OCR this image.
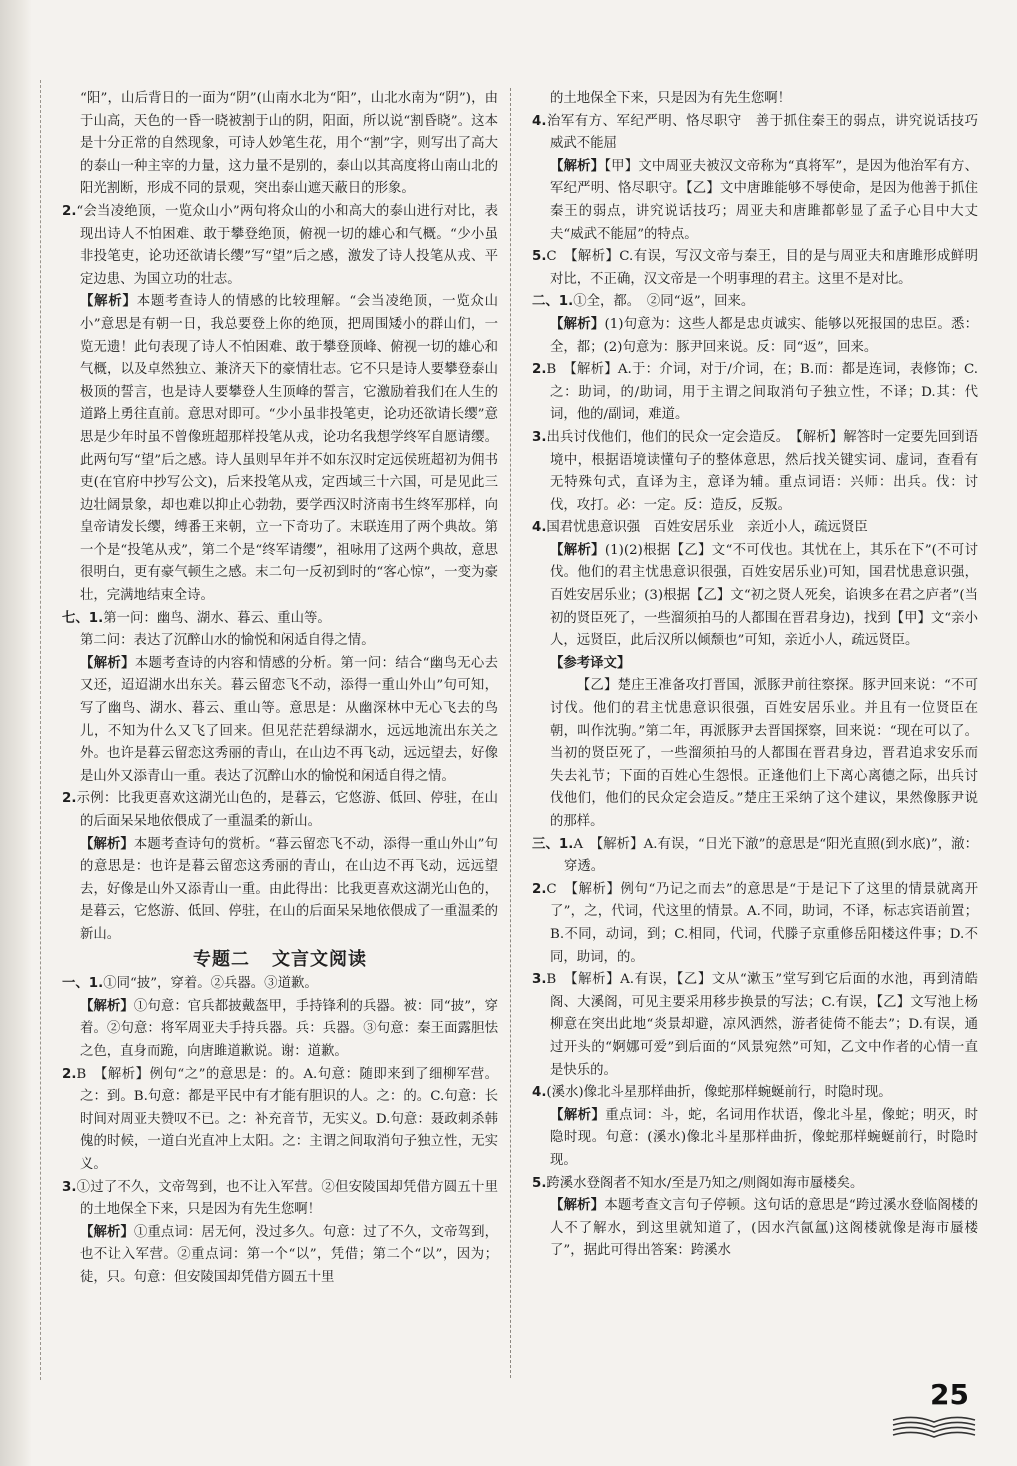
“阳”，山后背日的一面为“阴”(山南水北为“阳”，山北水南为“阴”)，由于山高，天色的一昏一晓被割于山的阴，阳面，所以说“割昏晓”。这本是十分正常的自然现象，可诗人妙笔生花，用个“割”字，则写出了高大的泰山一种主宰的力量，这力量不是别的，泰山以其高度将山南山北的阳光割断，形成不同的景观，突出泰山遮天蔽日的形象。

2.“会当凌绝顶，一览众山小”两句将众山的小和高大的泰山进行对比，表现出诗人不怕困难、敢于攀登绝顶，俯视一切的雄心和气概。“少小虽非投笔吏，论功还欲请长缨”写“望”后之感，激发了诗人投笔从戎、平定边患、为国立功的壮志。

【解析】本题考查诗人的情感的比较理解。“会当凌绝顶，一览众山小”意思是有朝一日，我总要登上你的绝顶，把周围矮小的群山们，一览无遗！此句表现了诗人不怕困难、敢于攀登顶峰、俯视一切的雄心和气概，以及卓然独立、兼济天下的豪情壮志。它不只是诗人要攀登泰山极顶的誓言，也是诗人要攀登人生顶峰的誓言，它激励着我们在人生的道路上勇往直前。意思对即可。“少小虽非投笔吏，论功还欲请长缨”意思是少年时虽不曾像班超那样投笔从戎，论功名我想学终军自愿请缨。此两句写“望”后之感。诗人虽则早年并不如东汉时定远侯班超初为佣书吏(在官府中抄写公文)，后来投笔从戎，定西域三十六国，可是见此三边壮阔景象，却也难以抑止心勃勃，要学西汉时济南书生终军那样，向皇帝请发长缨，缚番王来朝，立一下奇功了。末联连用了两个典故。第一个是“投笔从戎”，第二个是“终军请缨”，祖咏用了这两个典故，意思很明白，更有豪气顿生之感。末二句一反初到时的“客心惊”，一变为豪壮，完满地结束全诗。

七、1.第一问：幽鸟、湖水、暮云、重山等。

第二问：表达了沉醉山水的愉悦和闲适自得之情。

【解析】本题考查诗的内容和情感的分析。第一问：结合“幽鸟无心去又还，迢迢湖水出东关。暮云留恋飞不动，添得一重山外山”句可知，写了幽鸟、湖水、暮云、重山等。意思是：从幽深林中无心飞去的鸟儿，不知为什么又飞了回来。但见茫茫碧绿湖水，远远地流出东关之外。也许是暮云留恋这秀丽的青山，在山边不再飞动，远远望去，好像是山外又添青山一重。表达了沉醉山水的愉悦和闲适自得之情。

2.示例：比我更喜欢这湖光山色的，是暮云，它悠游、低回、停驻，在山的后面呆呆地依偎成了一重温柔的新山。

【解析】本题考查诗句的赏析。“暮云留恋飞不动，添得一重山外山”句的意思是：也许是暮云留恋这秀丽的青山，在山边不再飞动，远远望去，好像是山外又添青山一重。由此得出：比我更喜欢这湖光山色的，是暮云，它悠游、低回、停驻，在山的后面呆呆地依偎成了一重温柔的新山。

专题二 文言文阅读

一、1.①同“披”，穿着。②兵器。③道歉。

【解析】①句意：官兵都披戴盔甲，手持锋利的兵器。被：同“披”，穿着。②句意：将军周亚夫手持兵器。兵：兵器。③句意：秦王面露胆怯之色，直身而跪，向唐雎道歉说。谢：道歉。

2.B　【解析】例句“之”的意思是：的。A.句意：随即来到了细柳军营。之：到。B.句意：都是平民中有才能有胆识的人。之：的。C.句意：长时间对周亚夫赞叹不已。之：补充音节，无实义。D.句意：聂政刺杀韩傀的时候，一道白光直冲上太阳。之：主谓之间取消句子独立性，无实义。

3.①过了不久，文帝驾到，也不让入军营。②但安陵国却凭借方圆五十里的土地保全下来，只是因为有先生您啊！

【解析】①重点词：居无何，没过多久。句意：过了不久，文帝驾到，也不让入军营。②重点词：第一个“以”，凭借；第二个“以”，因为；徒，只。句意：但安陵国却凭借方圆五十里

的土地保全下来，只是因为有先生您啊！

4.治军有方、军纪严明、恪尽职守　善于抓住秦王的弱点，讲究说话技巧　威武不能屈

【解析】【甲】文中周亚夫被汉文帝称为“真将军”，是因为他治军有方、军纪严明、恪尽职守。【乙】文中唐雎能够不辱使命，是因为他善于抓住秦王的弱点，讲究说话技巧；周亚夫和唐雎都彰显了孟子心目中大丈夫“威武不能屈”的特点。

5.C　【解析】C.有误，写汉文帝与秦王，目的是与周亚夫和唐雎形成鲜明对比，不正确，汉文帝是一个明事理的君主。这里不是对比。

二、1.①全，都。　②同“返”，回来。

【解析】(1)句意为：这些人都是忠贞诚实、能够以死报国的忠臣。悉：全，都；(2)句意为：豚尹回来说。反：同“返”，回来。

2.B　【解析】A.于：介词，对于/介词，在；B.而：都是连词，表修饰；C.之：助词，的/助词，用于主谓之间取消句子独立性，不译；D.其：代词，他的/副词，难道。

3.出兵讨伐他们，他们的民众一定会造反。　【解析】解答时一定要先回到语境中，根据语境读懂句子的整体意思，然后找关键实词、虚词，查看有无特殊句式，直译为主，意译为辅。重点词语：兴师：出兵。伐：讨伐，攻打。必：一定。反：造反，反叛。

4.国君忧患意识强　百姓安居乐业　亲近小人，疏远贤臣

【解析】(1)(2)根据【乙】文“不可伐也。其忧在上，其乐在下”(不可讨伐。他们的君主忧患意识很强，百姓安居乐业)可知，国君忧患意识强，百姓安居乐业；(3)根据【乙】文“初之贤人死矣，谄谀多在君之庐者”(当初的贤臣死了，一些溜须拍马的人都围在晋君身边)，找到【甲】文“亲小人，远贤臣，此后汉所以倾颓也”可知，亲近小人，疏远贤臣。

【参考译文】

【乙】楚庄王准备攻打晋国，派豚尹前往察探。豚尹回来说：“不可讨伐。他们的君主忧患意识很强，百姓安居乐业。并且有一位贤臣在朝，叫作沈驹。”第二年，再派豚尹去晋国探察，回来说：“现在可以了。当初的贤臣死了，一些溜须拍马的人都围在晋君身边，晋君追求安乐而失去礼节；下面的百姓心生怨恨。正逢他们上下离心离德之际，出兵讨伐他们，他们的民众定会造反。”楚庄王采纳了这个建议，果然像豚尹说的那样。

三、1.A　【解析】A.有误，“日光下澈”的意思是“阳光直照(到水底)”，澈：穿透。

2.C　【解析】例句“乃记之而去”的意思是“于是记下了这里的情景就离开了”，之，代词，代这里的情景。A.不同，助词，不译，标志宾语前置；B.不同，动词，到；C.相同，代词，代滕子京重修岳阳楼这件事；D.不同，助词，的。

3.B　【解析】A.有误，【乙】文从“漱玉”堂写到它后面的水池，再到清皓阁、大溪阁，可见主要采用移步换景的写法；C.有误，【乙】文写池上杨柳意在突出此地“炎景却避，凉风洒然，游者徒倚不能去”；D.有误，通过开头的“婀娜可爱”到后面的“风景宛然”可知，乙文中作者的心情一直是快乐的。

4.(溪水)像北斗星那样曲折，像蛇那样蜿蜒前行，时隐时现。

【解析】重点词：斗，蛇，名词用作状语，像北斗星，像蛇；明灭，时隐时现。句意：(溪水)像北斗星那样曲折，像蛇那样蜿蜒前行，时隐时现。

5.跨溪水登阁者不知水/至是乃知之/则阁如海市蜃楼矣。

【解析】本题考查文言句子停顿。这句话的意思是“跨过溪水登临阁楼的人不了解水，到这里就知道了，(因水汽氤氲)这阁楼就像是海市蜃楼了”，据此可得出答案：跨溪水

25
